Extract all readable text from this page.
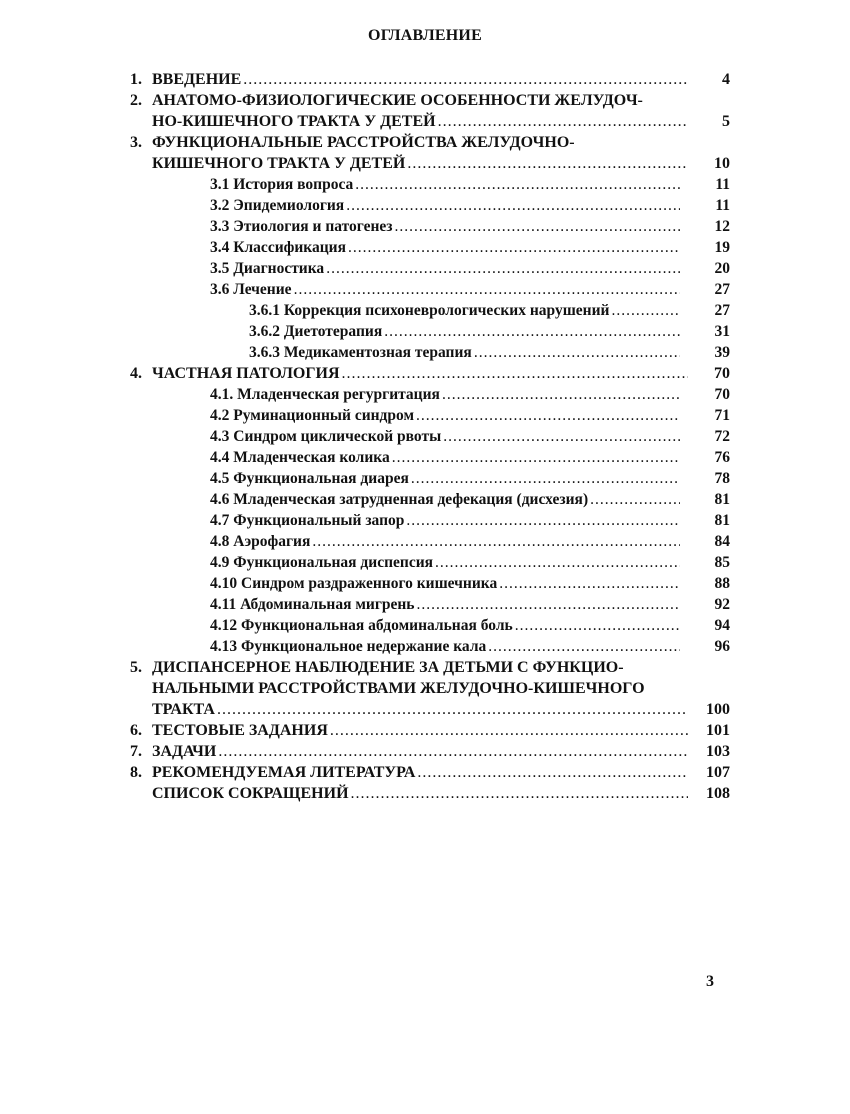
ОГЛАВЛЕНИЕ
1. ВВЕДЕНИЕ .....	4
2. АНАТОМО-ФИЗИОЛОГИЧЕСКИЕ ОСОБЕННОСТИ ЖЕЛУДОЧ-
НО-КИШЕЧНОГО ТРАКТА У ДЕТЕЙ .....	5
3. ФУНКЦИОНАЛЬНЫЕ РАССТРОЙСТВА ЖЕЛУДОЧНО-
КИШЕЧНОГО ТРАКТА У ДЕТЕЙ .....	10
3.1 История вопроса .....	11
3.2 Эпидемиология .....	11
3.3 Этиология и патогенез .....	12
3.4 Классификация .....	19
3.5 Диагностика .....	20
3.6 Лечение .....	27
3.6.1 Коррекция психоневрологических нарушений .....	27
3.6.2 Диетотерапия .....	31
3.6.3 Медикаментозная терапия .....	39
4. ЧАСТНАЯ ПАТОЛОГИЯ .....	70
4.1. Младенческая регургитация .....	70
4.2 Руминационный синдром .....	71
4.3 Синдром циклической рвоты .....	72
4.4 Младенческая колика .....	76
4.5 Функциональная диарея .....	78
4.6 Младенческая затрудненная дефекация (дисхезия) .....	81
4.7 Функциональный запор .....	81
4.8 Аэрофагия .....	84
4.9 Функциональная диспепсия .....	85
4.10 Синдром раздраженного кишечника .....	88
4.11 Абдоминальная мигрень .....	92
4.12 Функциональная абдоминальная боль .....	94
4.13 Функциональное недержание кала .....	96
5. ДИСПАНСЕРНОЕ НАБЛЮДЕНИЕ ЗА ДЕТЬМИ С ФУНКЦИО-
НАЛЬНЫМИ РАССТРОЙСТВАМИ ЖЕЛУДОЧНО-КИШЕЧНОГО
ТРАКТА .....	100
6. ТЕСТОВЫЕ ЗАДАНИЯ .....	101
7. ЗАДАЧИ .....	103
8. РЕКОМЕНДУЕМАЯ ЛИТЕРАТУРА .....	107
СПИСОК СОКРАЩЕНИЙ .....	108
3
